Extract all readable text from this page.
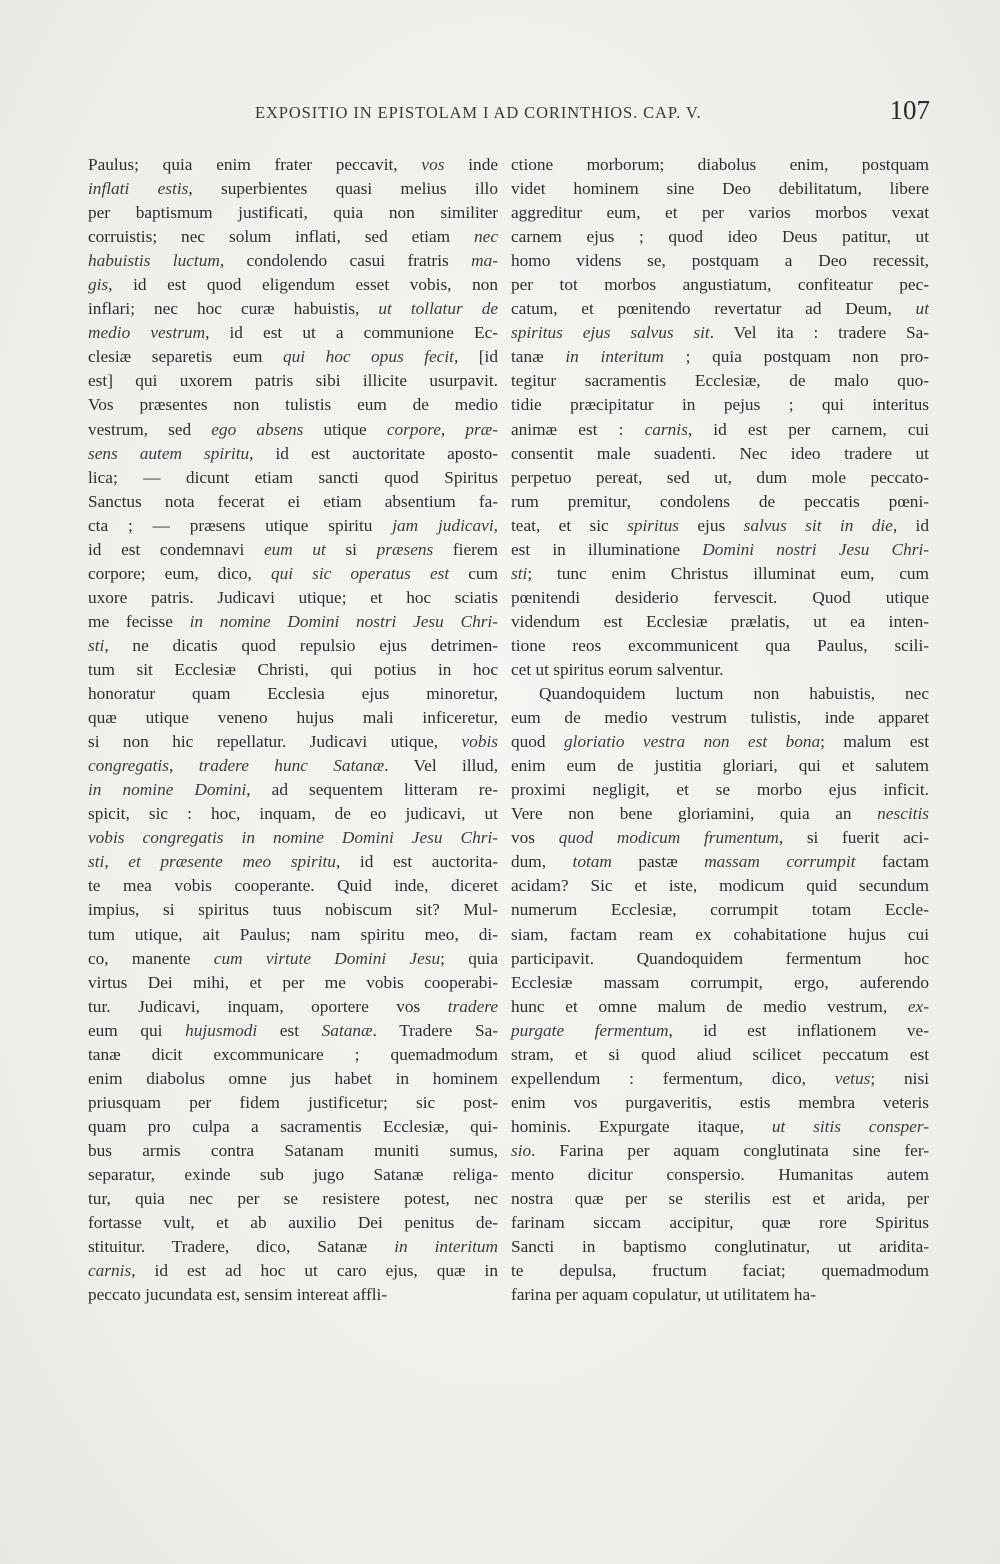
EXPOSITIO IN EPISTOLAM I AD CORINTHIOS. CAP. V.	107
Paulus; quia enim frater peccavit, vos inde
inflati estis, superbientes quasi melius illo
per baptismum justificati, quia non similiter
corruistis; nec solum inflati, sed etiam nec
habuistis luctum, condolendo casui fratris ma-
gis, id est quod eligendum esset vobis, non
inflari; nec hoc curæ habuistis, ut tollatur de
medio vestrum, id est ut a communione Ec-
clesiæ separetis eum qui hoc opus fecit, [id
est] qui uxorem patris sibi illicite usurpavit.
Vos præsentes non tulistis eum de medio
vestrum, sed ego absens utique corpore, præ-
sens autem spiritu, id est auctoritate aposto-
lica; — dicunt etiam sancti quod Spiritus
Sanctus nota fecerat ei etiam absentium fa-
cta ; — præsens utique spiritu jam judicavi,
id est condemnavi eum ut si præsens fierem
corpore; eum, dico, qui sic operatus est cum
uxore patris. Judicavi utique; et hoc sciatis
me fecisse in nomine Domini nostri Jesu Chri-
sti, ne dicatis quod repulsio ejus detrimen-
tum sit Ecclesiæ Christi, qui potius in hoc
honoratur quam Ecclesia ejus minoretur,
quæ utique veneno hujus mali inficeretur,
si non hic repellatur. Judicavi utique, vobis
congregatis, tradere hunc Satanæ. Vel illud,
in nomine Domini, ad sequentem litteram re-
spicit, sic : hoc, inquam, de eo judicavi, ut
vobis congregatis in nomine Domini Jesu Chri-
sti, et præsente meo spiritu, id est auctorita-
te mea vobis cooperante. Quid inde, diceret
impius, si spiritus tuus nobiscum sit? Mul-
tum utique, ait Paulus; nam spiritu meo, di-
co, manente cum virtute Domini Jesu; quia
virtus Dei mihi, et per me vobis cooperabi-
tur. Judicavi, inquam, oportere vos tradere
eum qui hujusmodi est Satanæ. Tradere Sa-
tanæ dicit excommunicare ; quemadmodum
enim diabolus omne jus habet in hominem
priusquam per fidem justificetur; sic post-
quam pro culpa a sacramentis Ecclesiæ, qui-
bus armis contra Satanam muniti sumus,
separatur, exinde sub jugo Satanæ religa-
tur, quia nec per se resistere potest, nec
fortasse vult, et ab auxilio Dei penitus de-
stituitur. Tradere, dico, Satanæ in interitum
carnis, id est ad hoc ut caro ejus, quæ in
peccato jucundata est, sensim intereat affli-
ctione morborum; diabolus enim, postquam
videt hominem sine Deo debilitatum, libere
aggreditur eum, et per varios morbos vexat
carnem ejus ; quod ideo Deus patitur, ut
homo videns se, postquam a Deo recessit,
per tot morbos angustiatum, confiteatur pec-
catum, et pœnitendo revertatur ad Deum, ut
spiritus ejus salvus sit. Vel ita : tradere Sa-
tanæ in interitum ; quia postquam non pro-
tegitur sacramentis Ecclesiæ, de malo quo-
tidie præcipitatur in pejus ; qui interitus
animæ est : carnis, id est per carnem, cui
consentit male suadenti. Nec ideo tradere ut
perpetuo pereat, sed ut, dum mole peccato-
rum premitur, condolens de peccatis pœni-
teat, et sic spiritus ejus salvus sit in die, id
est in illuminatione Domini nostri Jesu Chri-
sti; tunc enim Christus illuminat eum, cum
pœnitendi desiderio fervescit. Quod utique
videndum est Ecclesiæ prælatis, ut ea inten-
tione reos excommunicent qua Paulus, scili-
cet ut spiritus eorum salventur.
Quandoquidem luctum non habuistis, nec
eum de medio vestrum tulistis, inde apparet
quod gloriatio vestra non est bona; malum est
enim eum de justitia gloriari, qui et salutem
proximi negligit, et se morbo ejus inficit.
Vere non bene gloriamini, quia an nescitis
vos quod modicum frumentum, si fuerit aci-
dum, totam pastæ massam corrumpit factam
acidam? Sic et iste, modicum quid secundum
numerum Ecclesiæ, corrumpit totam Eccle-
siam, factam ream ex cohabitatione hujus cui
participavit. Quandoquidem fermentum hoc
Ecclesiæ massam corrumpit, ergo, auferendo
hunc et omne malum de medio vestrum, ex-
purgate fermentum, id est inflationem ve-
stram, et si quod aliud scilicet peccatum est
expellendum : fermentum, dico, vetus; nisi
enim vos purgaveritis, estis membra veteris
hominis. Expurgate itaque, ut sitis consper-
sio. Farina per aquam conglutinata sine fer-
mento dicitur conspersio. Humanitas autem
nostra quæ per se sterilis est et arida, per
farinam siccam accipitur, quæ rore Spiritus
Sancti in baptismo conglutinatur, ut aridita-
te depulsa, fructum faciat; quemadmodum
farina per aquam copulatur, ut utilitatem ha-
